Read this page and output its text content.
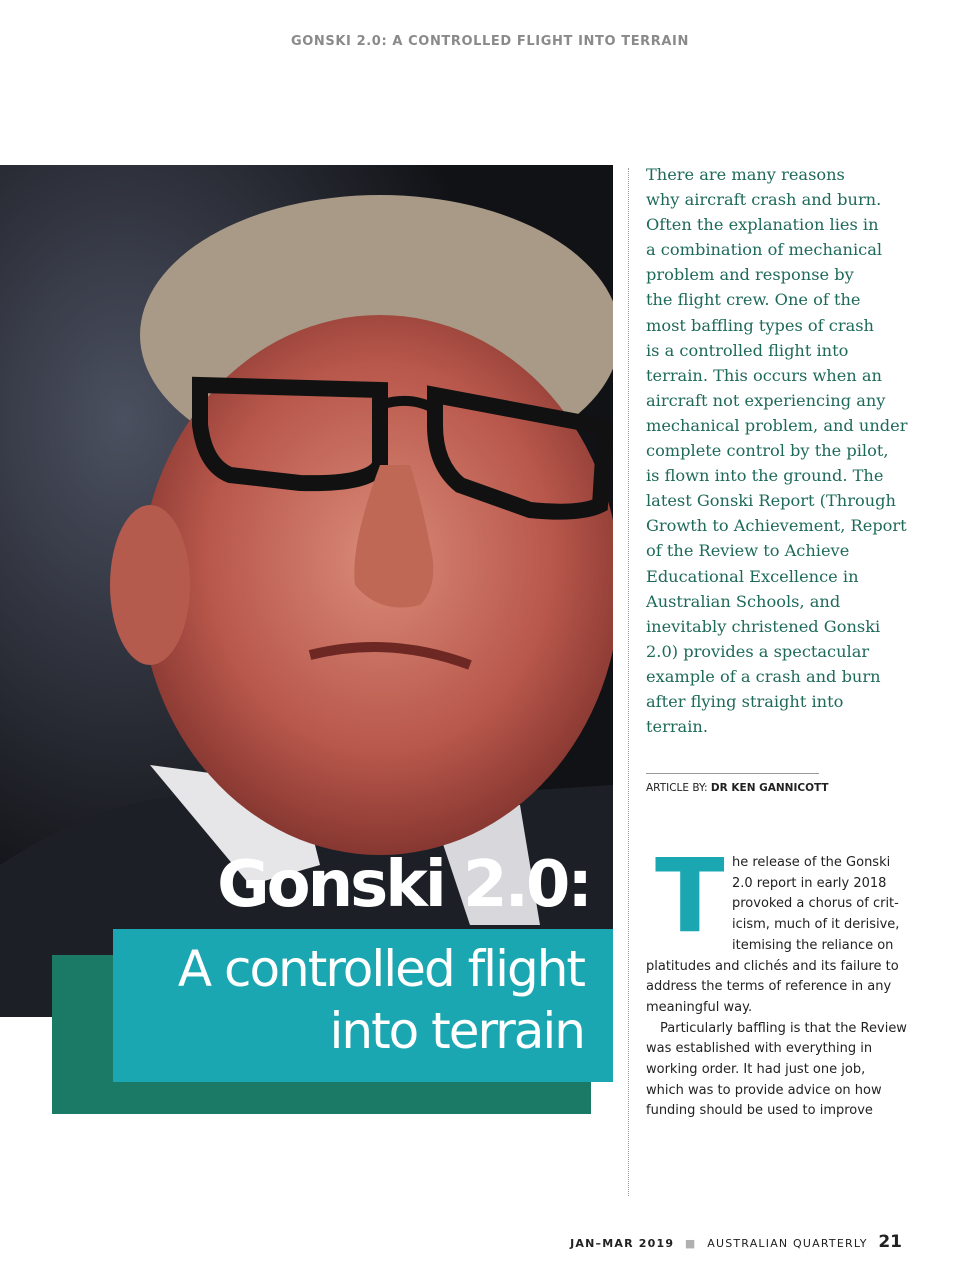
GONSKI 2.0: A CONTROLLED FLIGHT INTO TERRAIN
Gonski 2.0:
A controlled flight
into terrain
There are many reasons
why aircraft crash and burn.
Often the explanation lies in
a combination of mechanical
problem and response by
the flight crew. One of the
most baffling types of crash
is a controlled flight into
terrain. This occurs when an
aircraft not experiencing any
mechanical problem, and under
complete control by the pilot,
is flown into the ground. The
latest Gonski Report (Through
Growth to Achievement, Report
of the Review to Achieve
Educational Excellence in
Australian Schools, and
inevitably christened Gonski
2.0) provides a spectacular
example of a crash and burn
after flying straight into
terrain.
ARTICLE BY: DR KEN GANNICOTT
T he release of the Gonski
2.0 report in early 2018
provoked a chorus of crit-
icism, much of it derisive,
itemising the reliance on
platitudes and clichés and its failure to
address the terms of reference in any
meaningful way.
Particularly baffling is that the Review
was established with everything in
working order. It had just one job,
which was to provide advice on how
funding should be used to improve
JAN–MAR 2019 ■ AUSTRALIAN QUARTERLY 21
